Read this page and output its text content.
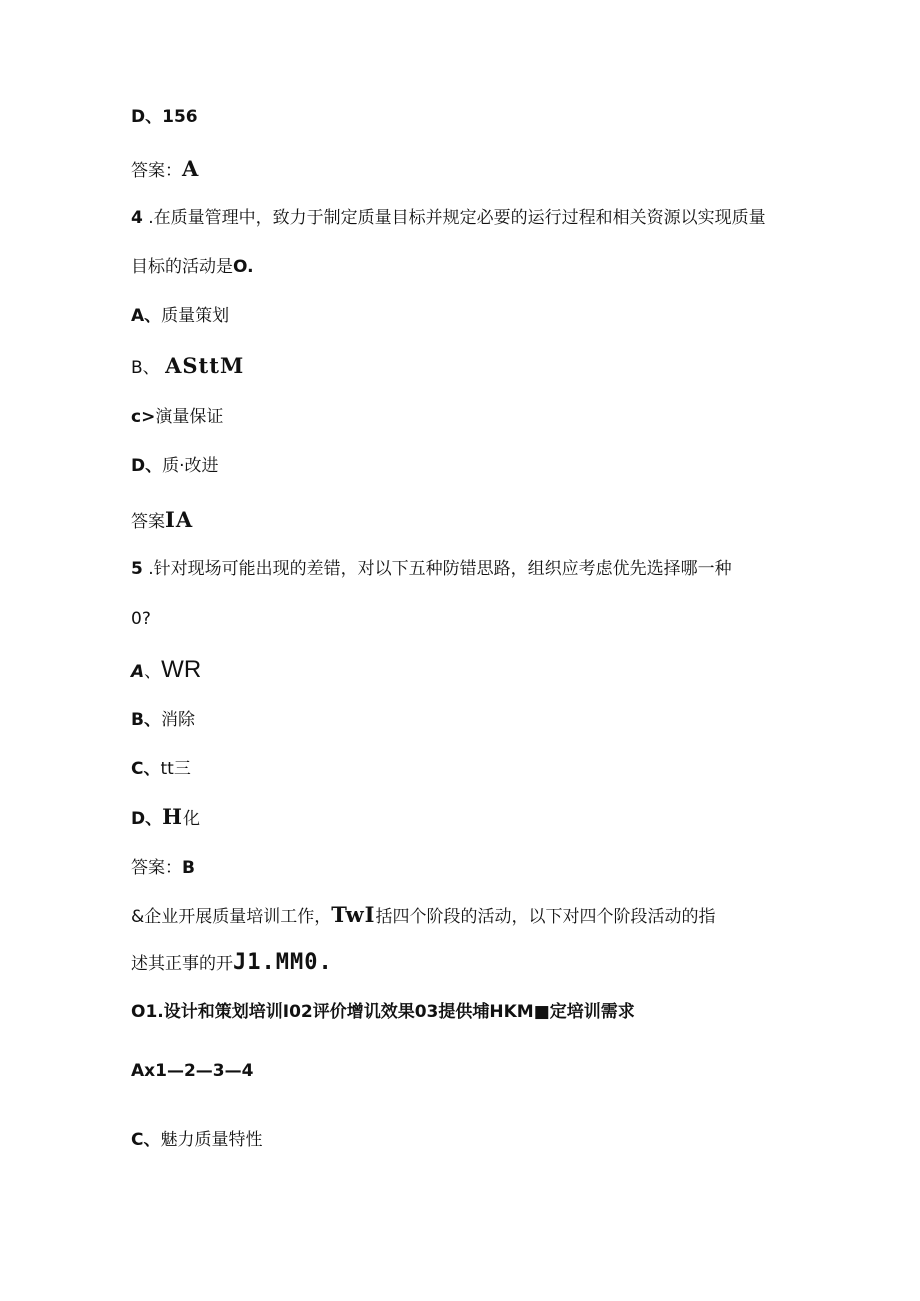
D、156
答案：A
4 .在质量管理中，致力于制定质量目标并规定必要的运行过程和相关资源以实现质量
目标的活动是O.
A、质量策划
B、 ASttM
c>演量保证
D、质·改进
答案IA
5 .针对现场可能出现的差错，对以下五种防错思路，组织应考虑优先选择哪一种
0?
A、WR
B、消除
C、tt三
D、H化
答案：B
&企业开展质量培训工作，TwI括四个阶段的活动，以下对四个阶段活动的指
述其正事的开J1.MM0.
O1.设计和策划培训I02评价增讥效果03提供埔HKM■定培训需求
Ax1—2—3—4
C、魅力质量特性
